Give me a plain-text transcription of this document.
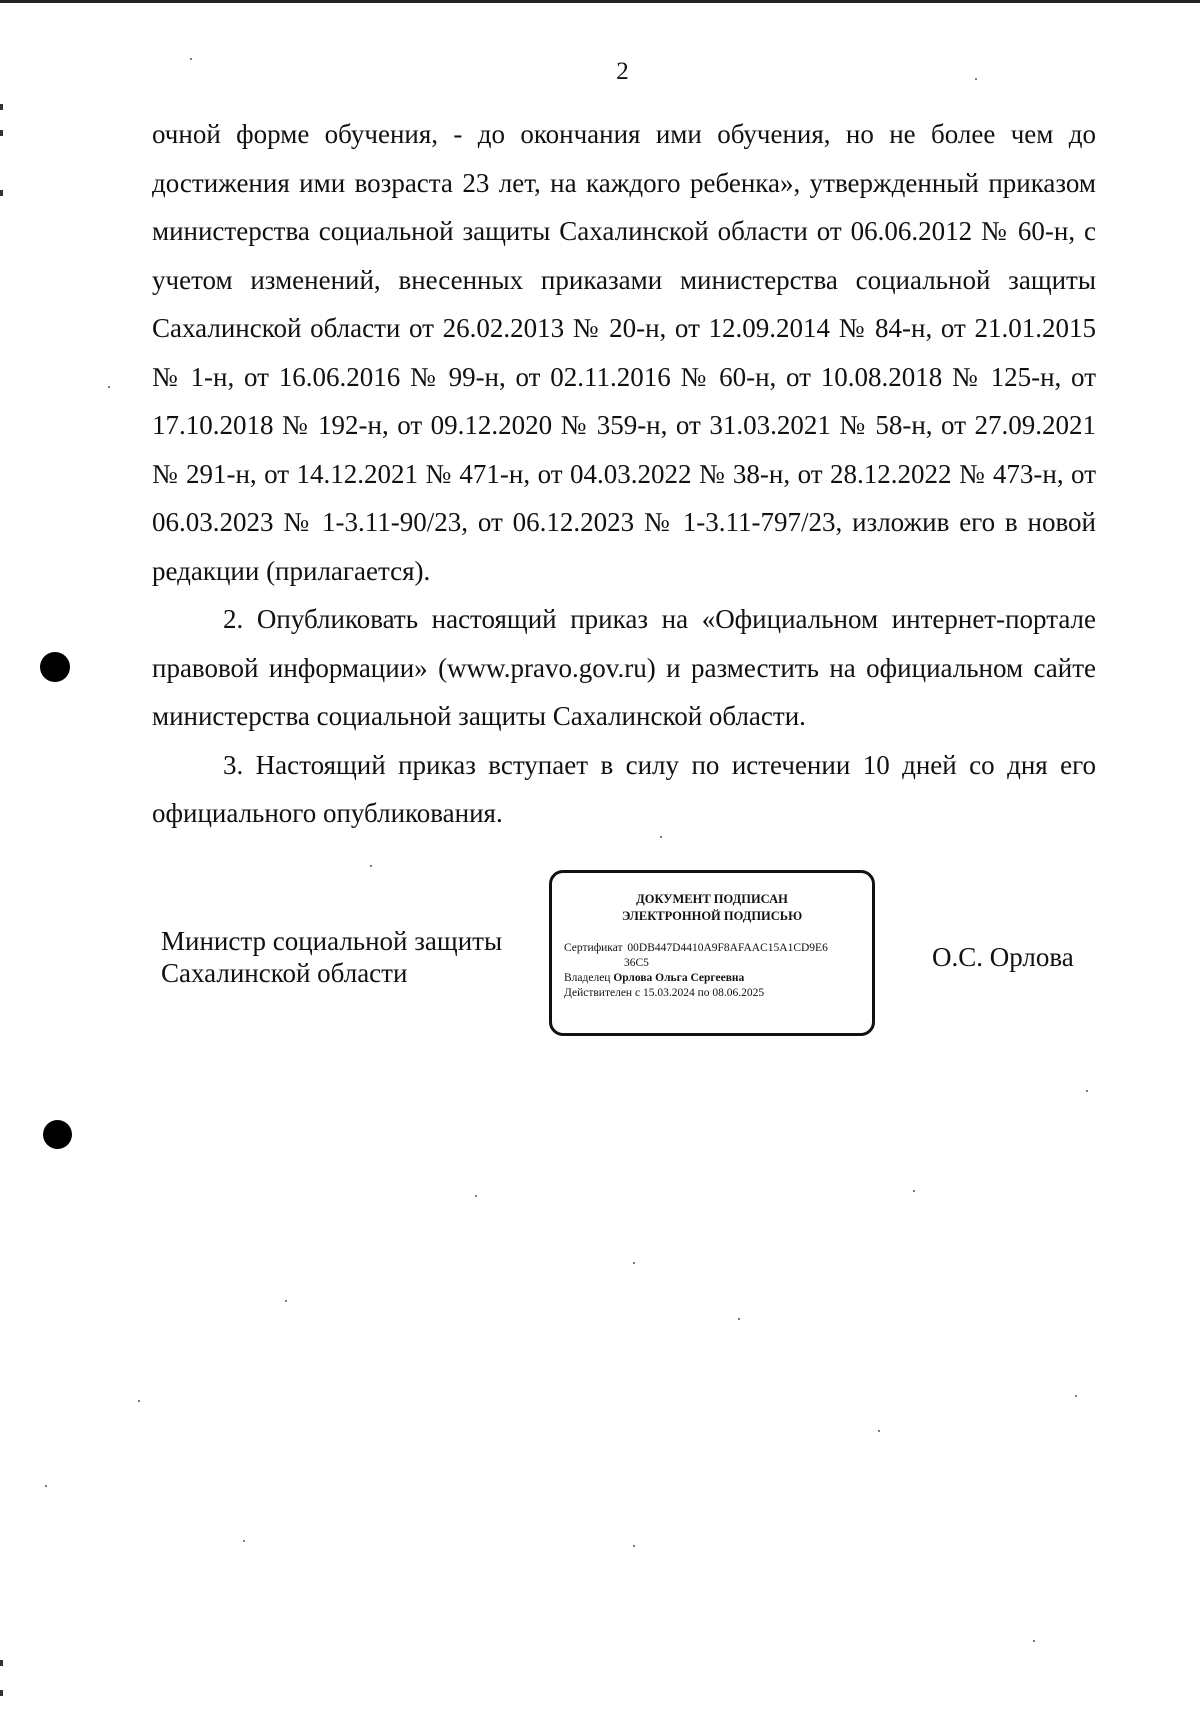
2

очной форме обучения, - до окончания ими обучения, но не более чем до достижения ими возраста 23 лет, на каждого ребенка», утвержденный приказом министерства социальной защиты Сахалинской области от 06.06.2012 № 60-н, с учетом изменений, внесенных приказами министерства социальной защиты Сахалинской области от 26.02.2013 № 20-н, от 12.09.2014 № 84-н, от 21.01.2015 № 1-н, от 16.06.2016 № 99-н, от 02.11.2016 № 60-н, от 10.08.2018 № 125-н, от 17.10.2018 № 192-н, от 09.12.2020 № 359-н, от 31.03.2021 № 58-н, от 27.09.2021 № 291-н, от 14.12.2021 № 471-н, от 04.03.2022 № 38-н, от 28.12.2022 № 473-н, от 06.03.2023 № 1-3.11-90/23, от 06.12.2023 № 1-3.11-797/23, изложив его в новой редакции (прилагается).

2. Опубликовать настоящий приказ на «Официальном интернет-портале правовой информации» (www.pravo.gov.ru) и разместить на официальном сайте министерства социальной защиты Сахалинской области.

3. Настоящий приказ вступает в силу по истечении 10 дней со дня его официального опубликования.

Министр социальной защиты
Сахалинской области
ДОКУМЕНТ ПОДПИСАН
ЭЛЕКТРОННОЙ ПОДПИСЬЮ
Сертификат 00DB447D4410A9F8AFAAC15A1CD9E6
36C5
Владелец Орлова Ольга Сергеевна
Действителен с 15.03.2024 по 08.06.2025
О.С. Орлова
